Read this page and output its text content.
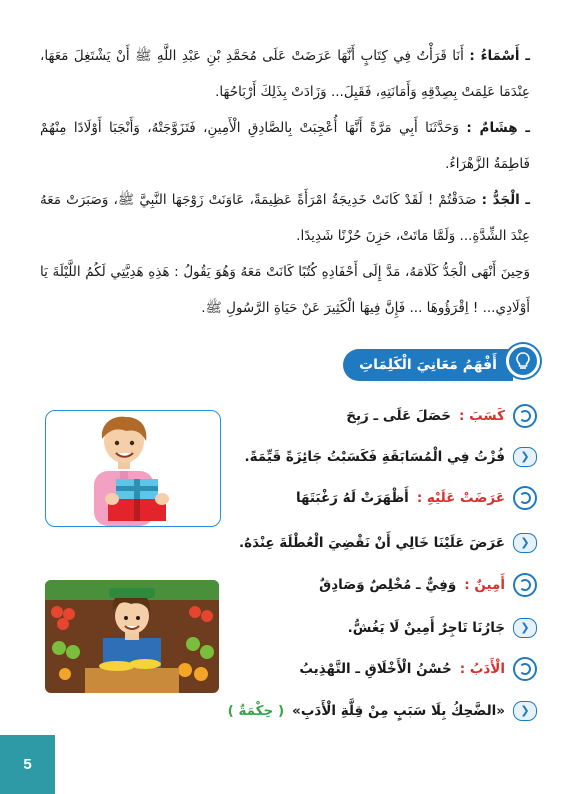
ـ أَسْمَاءُ : أَنَا قَرَأْتُ فِي كِتَابٍ أَنَّهَا عَرَضَتْ عَلَى مُحَمَّدِ بْنِ عَبْدِ اللَّهِ ﷺ أَنْ يَشْتَغِلَ مَعَهَا، عِنْدَمَا عَلِمَتْ بِصِدْقِهِ وَأَمَانَتِهِ، فَقَبِلَ... وَزَادَتْ بِذَلِكَ أَرْبَاحُهَا.

ـ هِشَامٌ : وَحَدَّثَنَا أَبِي مَرَّةً أَنَّهَا أُعْجِبَتْ بِالصَّادِقِ الْأَمِينِ، فَتَزَوَّجَتْهُ، وَأَنْجَبَا أَوْلَادًا مِنْهُمْ فَاطِمَةُ الزَّهْرَاءُ.

ـ الْجَدُّ : صَدَقْتُمْ ! لَقَدْ كَانَتْ خَدِيجَةُ امْرَأَةً عَظِيمَةً، عَاوَنَتْ زَوْجَهَا النَّبِيَّ ﷺ، وَصَبَرَتْ مَعَهُ عِنْدَ الشِّدَّةِ... وَلَمَّا مَاتَتْ، حَزِنَ حُزْنًا شَدِيدًا.

وَحِينَ أَنْهَى الْجَدُّ كَلَامَهُ، مَدَّ إِلَى أَحْفَادِهِ كُتُبًا كَانَتْ مَعَهُ وَهُوَ يَقُولُ : هَذِهِ هَدِيَّتِي لَكُمُ اللَّيْلَةَ يَا أَوْلَادِي... ! اِقْرَؤُوهَا ... فَإِنَّ فِيهَا الْكَثِيرَ عَنْ حَيَاةِ الرَّسُولِ ﷺ.

أَفْهَمُ مَعَانِيَ الْكَلِمَاتِ
كَسَبَ :
حَصَلَ عَلَى ـ رَبِحَ
❮
فُزْتُ فِي الْمُسَابَقَةِ فَكَسَبْتُ جَائِزَةً قَيِّمَةً.
عَرَضَتْ عَلَيْهِ :
أَظْهَرَتْ لَهُ رَغْبَتَهَا
❮
عَرَضَ عَلَيْنَا خَالِي أَنْ نَقْضِيَ الْعُطْلَةَ عِنْدَهُ.
أَمِينٌ :
وَفِيٌّ ـ مُخْلِصٌ وَصَادِقٌ
❮
جَارُنَا تَاجِرٌ أَمِينٌ لَا يَغُشُّ.
الْأَدَبُ :
حُسْنُ الْأَخْلَاقِ ـ التَّهْذِيبُ
❮
«الضَّحِكُ بِلَا سَبَبٍ مِنْ قِلَّةِ الْأَدَبِ»
( حِكْمَةٌ )
5
